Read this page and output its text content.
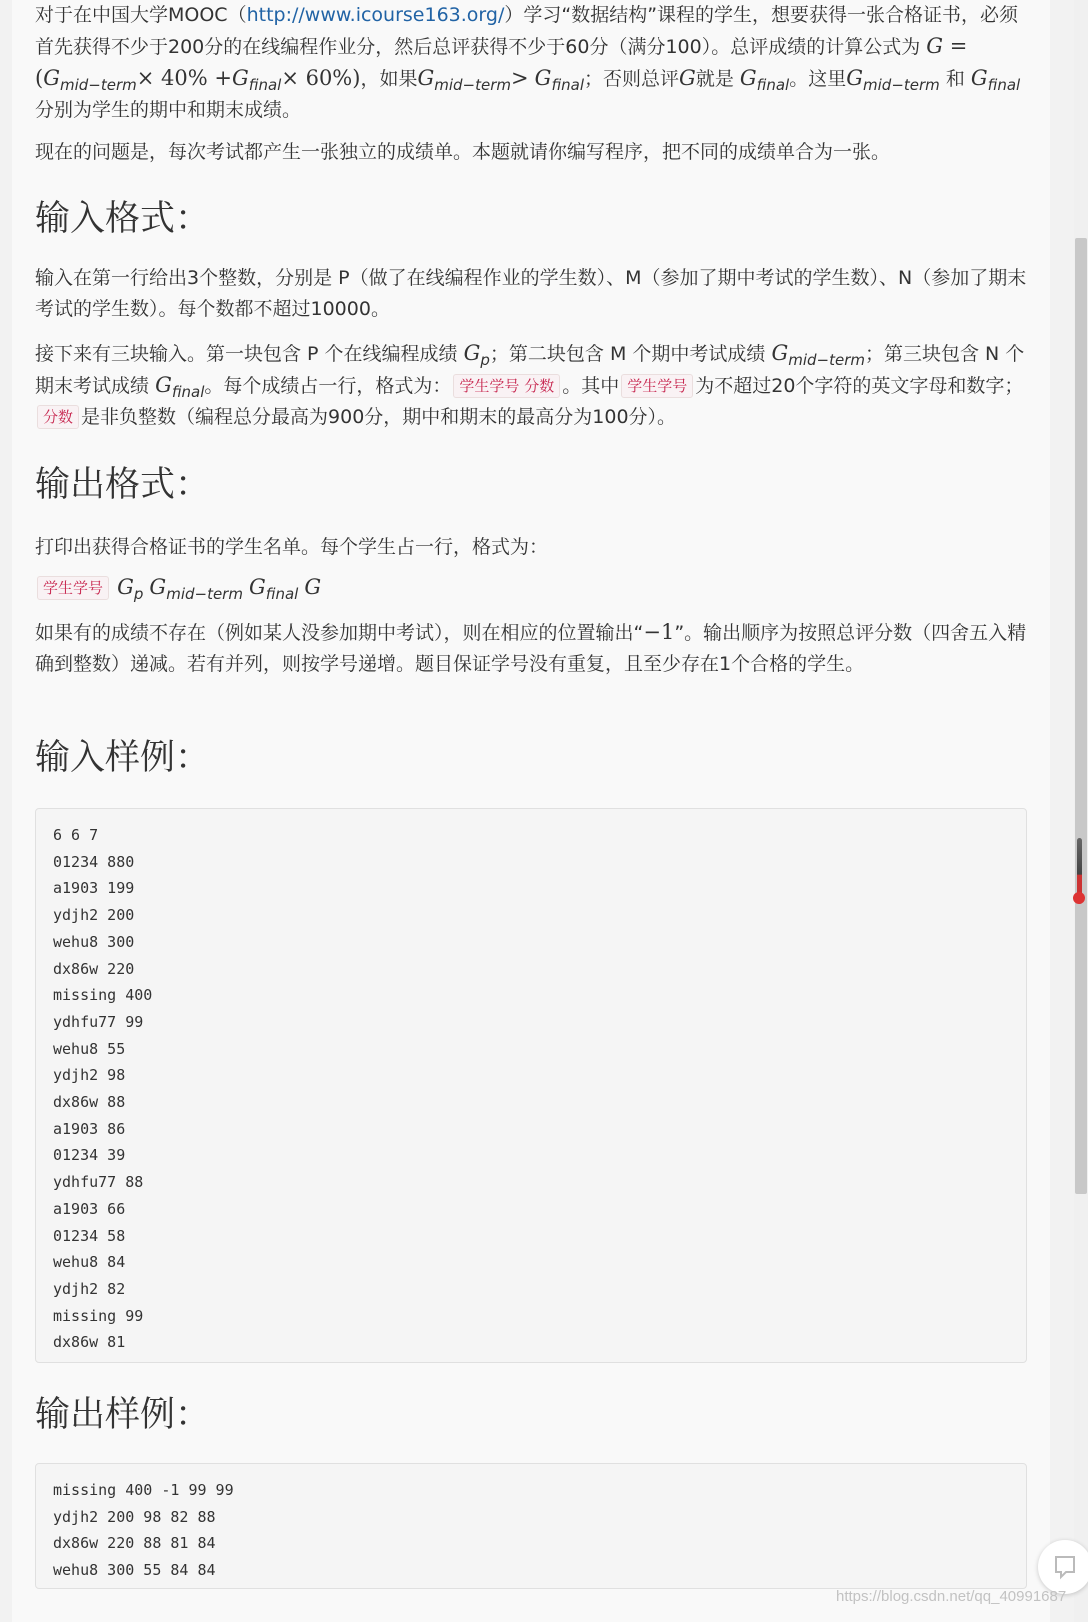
对于在中国大学MOOC（http://www.icourse163.org/）学习“数据结构”课程的学生，想要获得一张合格证书，必须首先获得不少于200分的在线编程作业分，然后总评获得不少于60分（满分100）。总评成绩的计算公式为 $G = (G_{mid-term}\times 40\% +G_{final}\times 60\%)$，如果$G_{mid-term}> G_{final}$；否则总评G就是 $G_{final}$。这里$G_{mid-term}$ 和 $G_{final}$ 分别为学生的期中和期末成绩。

现在的问题是，每次考试都产生一张独立的成绩单。本题就请你编写程序，把不同的成绩单合为一张。

输入格式：

输入在第一行给出3个整数，分别是 P（做了在线编程作业的学生数）、M（参加了期中考试的学生数）、N（参加了期末考试的学生数）。每个数都不超过10000。

接下来有三块输入。第一块包含 P 个在线编程成绩 $G_p$；第二块包含 M 个期中考试成绩 $G_{mid-term}$；第三块包含 N 个期末考试成绩 $G_{final}$。每个成绩占一行，格式为： 学生学号 分数 。其中 学生学号 为不超过20个字符的英文字母和数字；分数 是非负整数（编程总分最高为900分，期中和期末的最高分为100分）。

输出格式：

打印出获得合格证书的学生名单。每个学生占一行，格式为：

学生学号 $G_p$ $G_{mid-term}$ $G_{final}$ G

如果有的成绩不存在（例如某人没参加期中考试），则在相应的位置输出“−1”。输出顺序为按照总评分数（四舍五入精确到整数）递减。若有并列，则按学号递增。题目保证学号没有重复，且至少存在1个合格的学生。

输入样例：
6 6 7
01234 880
a1903 199
ydjh2 200
wehu8 300
dx86w 220
missing 400
ydhfu77 99
wehu8 55
ydjh2 98
dx86w 88
a1903 86
01234 39
ydhfu77 88
a1903 66
01234 58
wehu8 84
ydjh2 82
missing 99
dx86w 81
输出样例：
missing 400 -1 99 99
ydjh2 200 98 82 88
dx86w 220 88 81 84
wehu8 300 55 84 84
https://blog.csdn.net/qq_40991687
